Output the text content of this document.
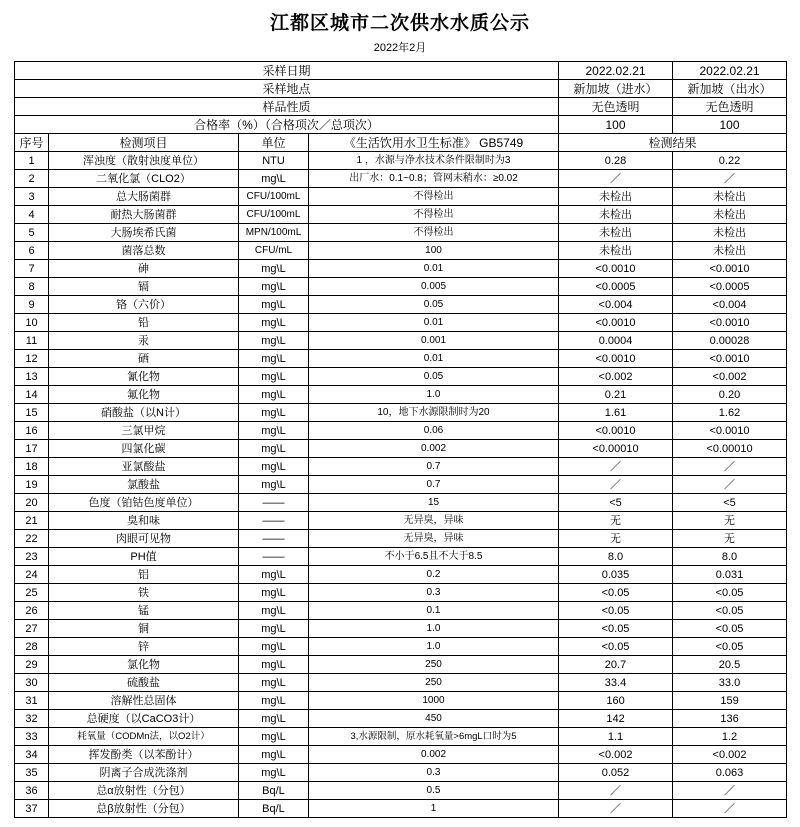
江都区城市二次供水水质公示
2022年2月
采样日期				2022.02.21	2022.02.21
采样地点				新加坡（进水）	新加坡（出水）
样品性质				无色透明	无色透明
合格率（%）（合格项次／总项次）				100	100
序号	检测项目	单位	《生活饮用水卫生标准》 GB5749	检测结果	
1	浑浊度（散射浊度单位）	NTU	1 ，水源与净水技术条件限制时为3	0.28	0.22
2	二氧化氯（CLO2）	mg\L	出厂水：0.1~0.8；管网末稍水：≥0.02	／	／
3	总大肠菌群	CFU/100mL	不得检出	未检出	未检出
4	耐热大肠菌群	CFU/100mL	不得检出	未检出	未检出
5	大肠埃希氏菌	MPN/100mL	不得检出	未检出	未检出
6	菌落总数	CFU/mL	100	未检出	未检出
7	砷	mg\L	0.01	<0.0010	<0.0010
8	镉	mg\L	0.005	<0.0005	<0.0005
9	铬（六价）	mg\L	0.05	<0.004	<0.004
10	铅	mg\L	0.01	<0.0010	<0.0010
11	汞	mg\L	0.001	0.0004	0.00028
12	硒	mg\L	0.01	<0.0010	<0.0010
13	氰化物	mg\L	0.05	<0.002	<0.002
14	氟化物	mg\L	1.0	0.21	0.20
15	硝酸盐（以N计）	mg\L	10，地下水源限制时为20	1.61	1.62
16	三氯甲烷	mg\L	0.06	<0.0010	<0.0010
17	四氯化碳	mg\L	0.002	<0.00010	<0.00010
18	亚氯酸盐	mg\L	0.7	／	／
19	氯酸盐	mg\L	0.7	／	／
20	色度（铂钴色度单位）	——	15	<5	<5
21	臭和味	——	无异臭，异味	无	无
22	肉眼可见物	——	无异臭，异味	无	无
23	PH值	——	不小于6.5且不大于8.5	8.0	8.0
24	铝	mg\L	0.2	0.035	0.031
25	铁	mg\L	0.3	<0.05	<0.05
26	锰	mg\L	0.1	<0.05	<0.05
27	铜	mg\L	1.0	<0.05	<0.05
28	锌	mg\L	1.0	<0.05	<0.05
29	氯化物	mg\L	250	20.7	20.5
30	硫酸盐	mg\L	250	33.4	33.0
31	溶解性总固体	mg\L	1000	160	159
32	总硬度（以CaCO3计）	mg\L	450	142	136
33	耗氧量（CODMn法，以O2计）	mg\L	3,水源限制，原水耗氧量>6mgL口时为5	1.1	1.2
34	挥发酚类（以苯酚计）	mg\L	0.002	<0.002	<0.002
35	阴离子合成洗涤剂	mg\L	0.3	0.052	0.063
36	总α放射性（分包）	Bq/L	0.5	／	／
37	总β放射性（分包）	Bq/L	1	／	／
